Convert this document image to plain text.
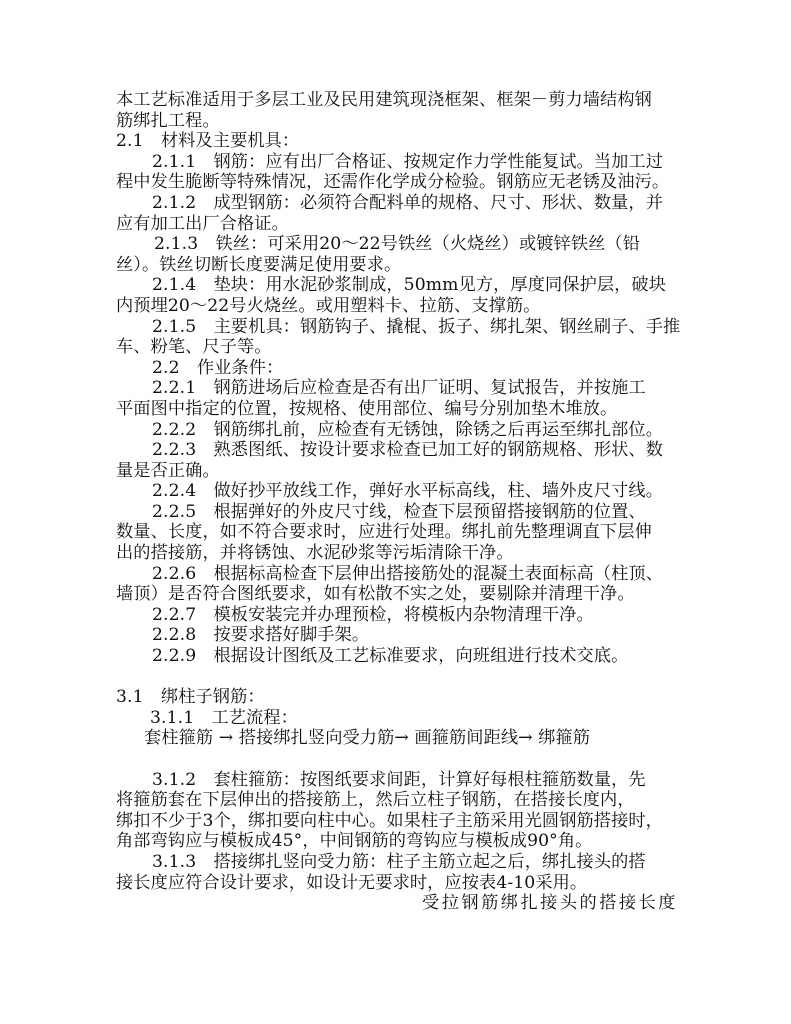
本工艺标准适用于多层工业及民用建筑现浇框架、框架－剪力墙结构钢
筋绑扎工程。
2.1　材料及主要机具：
2.1.1　钢筋：应有出厂合格证、按规定作力学性能复试。当加工过
程中发生脆断等特殊情况，还需作化学成分检验。钢筋应无老锈及油污。
2.1.2　成型钢筋：必须符合配料单的规格、尺寸、形状、数量，并
应有加工出厂合格证。
2.1.3　铁丝：可采用20～22号铁丝（火烧丝）或镀锌铁丝（铅
丝）。铁丝切断长度要满足使用要求。
2.1.4　垫块：用水泥砂浆制成，50mm见方，厚度同保护层，破块
内预埋20～22号火烧丝。或用塑料卡、拉筋、支撑筋。
2.1.5　主要机具：钢筋钩子、撬棍、扳子、绑扎架、钢丝刷子、手推
车、粉笔、尺子等。
2.2　作业条件：
2.2.1　钢筋进场后应检查是否有出厂证明、复试报告，并按施工
平面图中指定的位置，按规格、使用部位、编号分别加垫木堆放。
2.2.2　钢筋绑扎前，应检查有无锈蚀，除锈之后再运至绑扎部位。
2.2.3　熟悉图纸、按设计要求检查已加工好的钢筋规格、形状、数
量是否正确。
2.2.4　做好抄平放线工作，弹好水平标高线，柱、墙外皮尺寸线。
2.2.5　根据弹好的外皮尺寸线，检查下层预留搭接钢筋的位置、
数量、长度，如不符合要求时，应进行处理。绑扎前先整理调直下层伸
出的搭接筋，并将锈蚀、水泥砂浆等污垢清除干净。
2.2.6　根据标高检查下层伸出搭接筋处的混凝土表面标高（柱顶、
墙顶）是否符合图纸要求，如有松散不实之处，要剔除并清理干净。
2.2.7　模板安装完并办理预检，将模板内杂物清理干净。
2.2.8　按要求搭好脚手架。
2.2.9　根据设计图纸及工艺标准要求，向班组进行技术交底。
3.1　绑柱子钢筋：
3.1.1　工艺流程：
套柱箍筋 → 搭接绑扎竖向受力筋→ 画箍筋间距线→ 绑箍筋
3.1.2　套柱箍筋：按图纸要求间距，计算好每根柱箍筋数量，先
将箍筋套在下层伸出的搭接筋上，然后立柱子钢筋，在搭接长度内，
绑扣不少于3个，绑扣要向柱中心。如果柱子主筋采用光圆钢筋搭接时，
角部弯钩应与模板成45°，中间钢筋的弯钩应与模板成90°角。
3.1.3　搭接绑扎竖向受力筋：柱子主筋立起之后，绑扎接头的搭
接长度应符合设计要求，如设计无要求时，应按表4-10采用。
受拉钢筋绑扎接头的搭接长度
